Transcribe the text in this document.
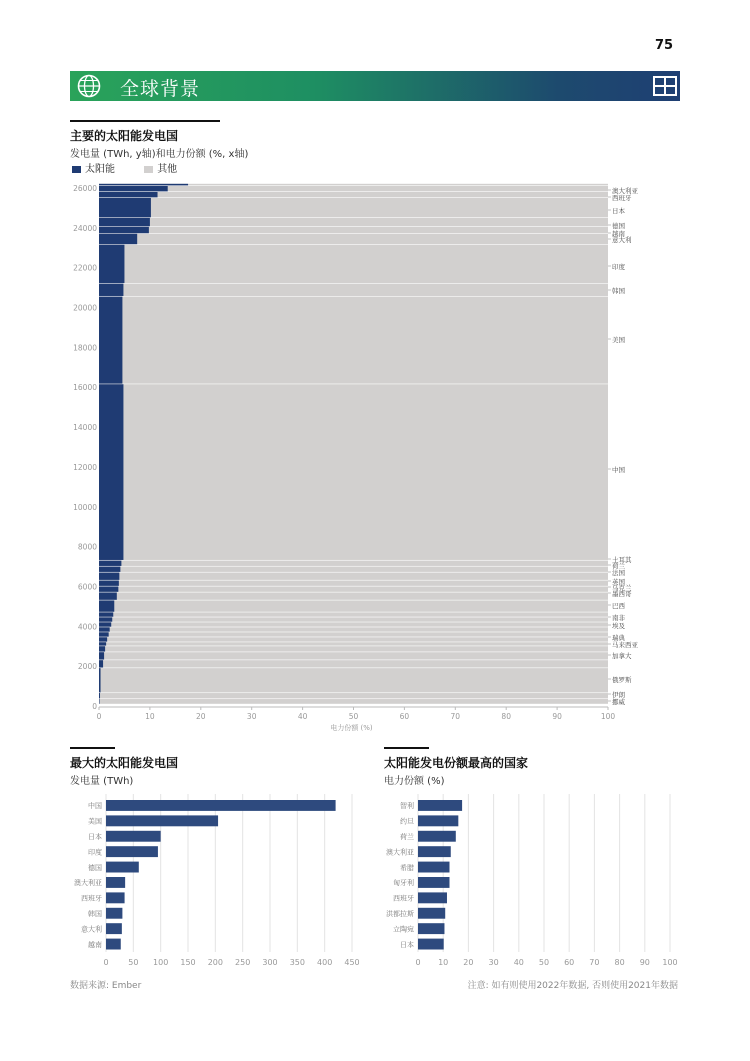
75
全球背景
主要的太阳能发电国
发电量 (TWh, y轴)和电力份额 (%, x轴)
太阳能	其他
0	10	20	30	40	50	60	70	80	90	100
0
2000
4000
6000
8000
10000
12000
14000
16000
18000
20000
22000
24000
26000
电力份额 (%)
澳大利亚
西班牙
日本
德国
越南
意大利
印度
韩国
美国
中国
土耳其
荷兰
法国
英国
乌克兰
墨西哥
巴西
南非
埃及
瑞典
马来西亚
加拿大
俄罗斯
伊朗
挪威
最大的太阳能发电国
发电量 (TWh)
0 50 100 150 200 250 300 350 400 450
中国
美国
日本
印度
德国
澳大利亚
西班牙
韩国
意大利
越南
太阳能发电份额最高的国家
电力份额 (%)
0 10 20 30 40 50 60 70 80 90 100
智利
约旦
荷兰
澳大利亚
希腊
匈牙利
西班牙
洪都拉斯
立陶宛
日本
数据来源: Ember	注意: 如有则使用2022年数据, 否则使用2021年数据
